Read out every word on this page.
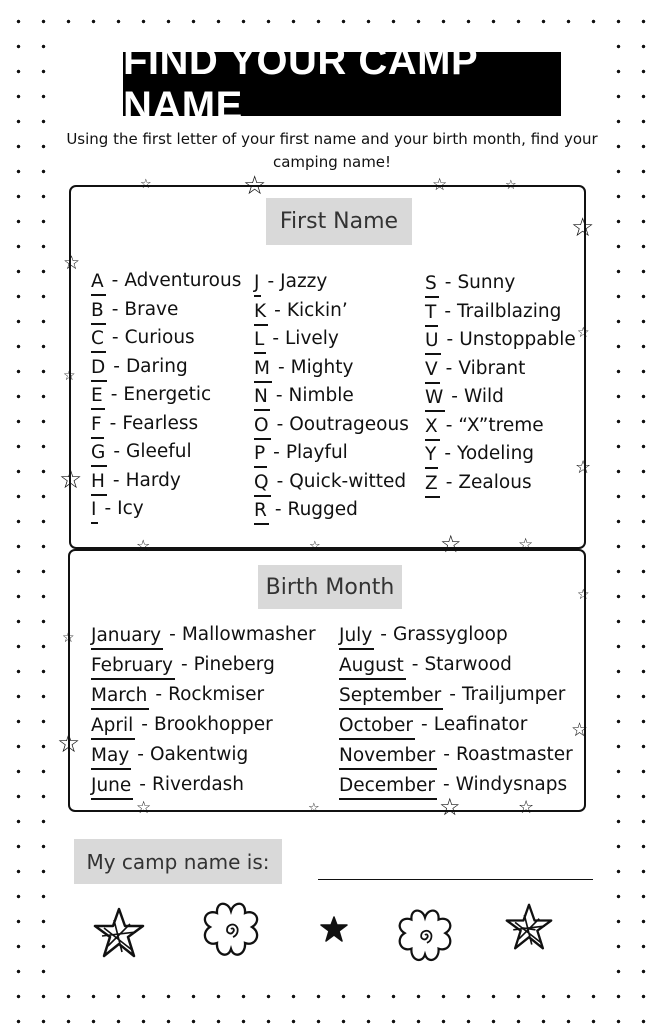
FIND YOUR CAMP NAME
Using the first letter of your first name and your birth month, find your camping name!
First Name
A - Adventurous
B - Brave
C - Curious
D - Daring
E - Energetic
F - Fearless
G - Gleeful
H - Hardy
I - Icy
J - Jazzy
K - Kickin’
L - Lively
M - Mighty
N - Nimble
O - Ooutrageous
P - Playful
Q - Quick-witted
R - Rugged
S - Sunny
T - Trailblazing
U - Unstoppable
V - Vibrant
W - Wild
X - “X”treme
Y - Yodeling
Z - Zealous
Birth Month
January - Mallowmasher
February - Pineberg
March - Rockmiser
April - Brookhopper
May - Oakentwig
June - Riverdash
July - Grassygloop
August - Starwood
September - Trailjumper
October - Leafinator
November - Roastmaster
December - Windysnaps
My camp name is:
☆	☆	☆	☆
☆
☆
☆
☆
☆
☆
☆	☆	☆	☆
☆
☆
☆
☆
☆	☆	☆	☆
